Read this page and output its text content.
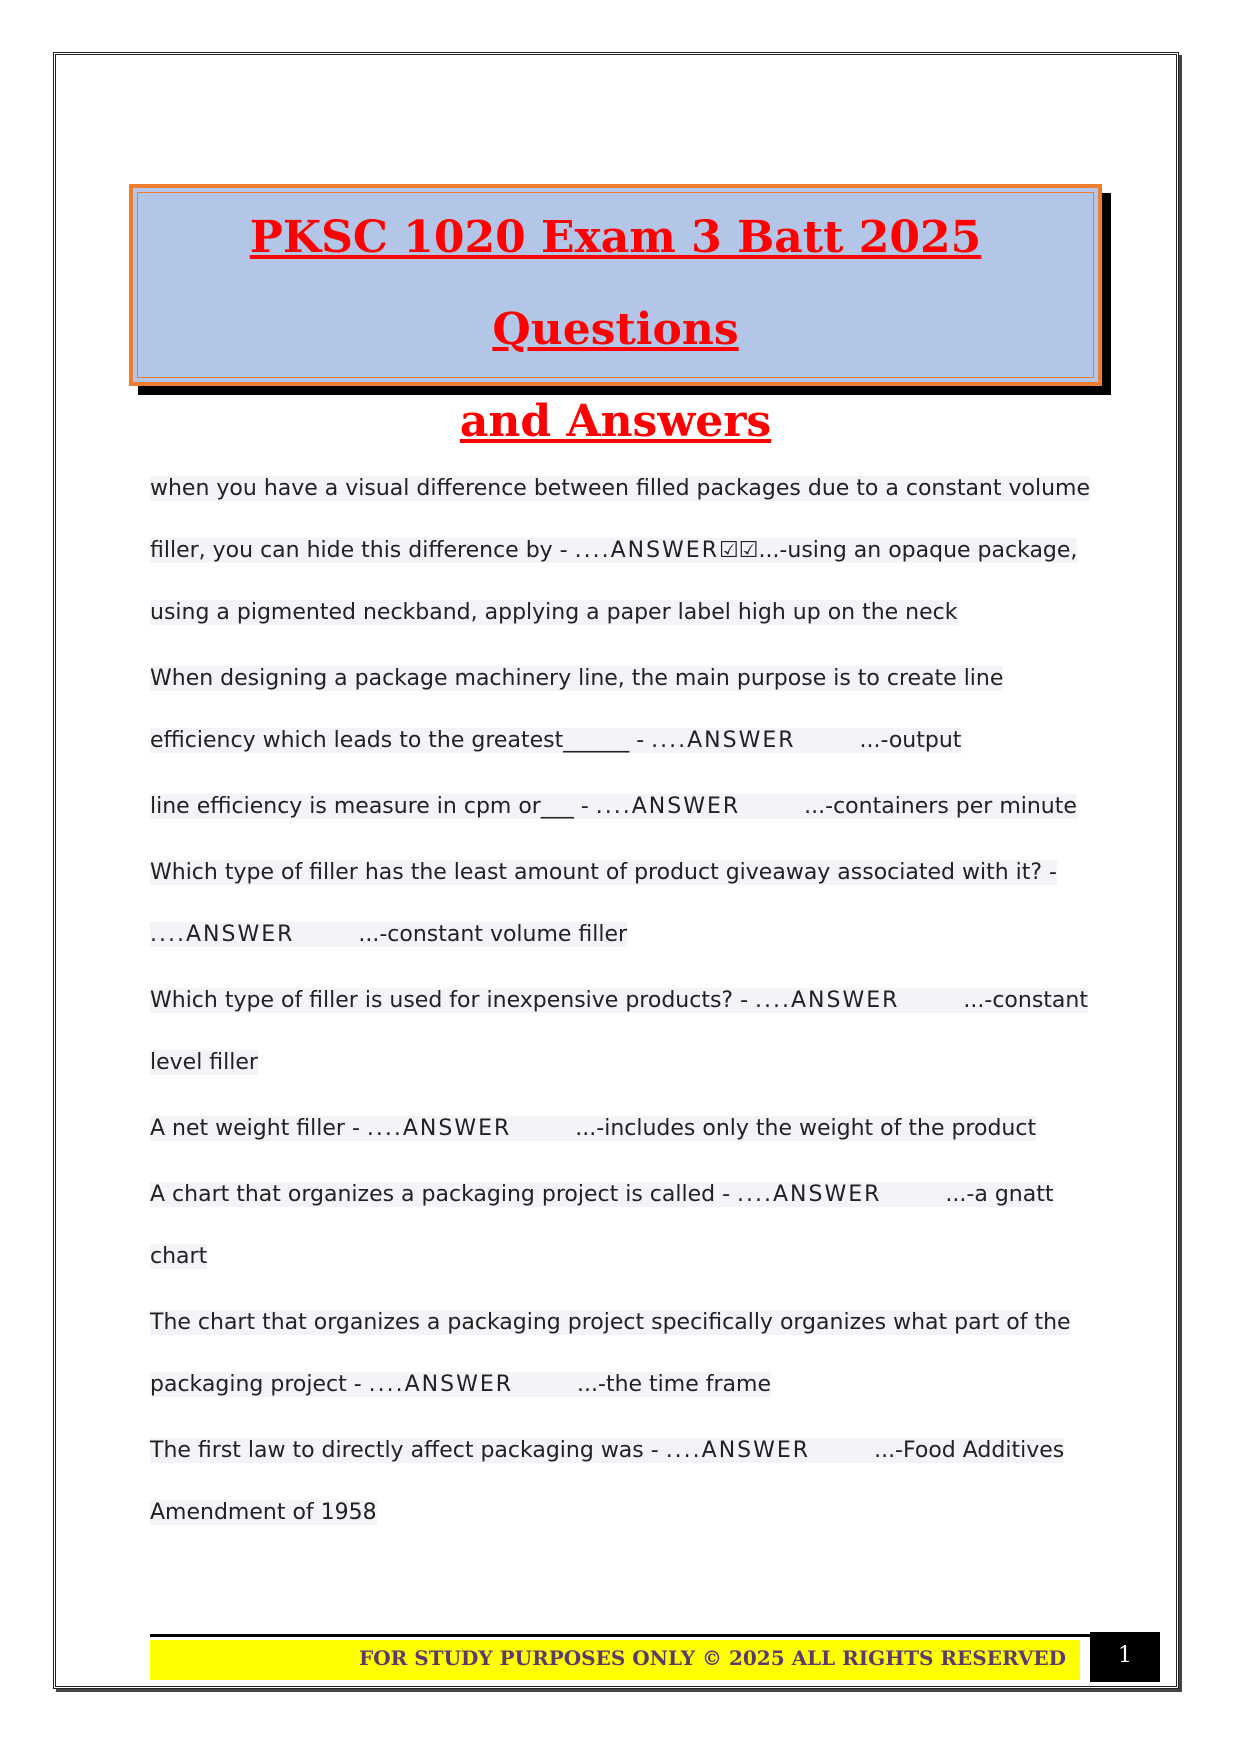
PKSC 1020 Exam 3 Batt 2025 Questions
and Answers

when you have a visual difference between filled packages due to a constant volume filler, you can hide this difference by - ....ANSWER☑☑...-using an opaque package, using a pigmented neckband, applying a paper label high up on the neck

When designing a package machinery line, the main purpose is to create line efficiency which leads to the greatest______ - ....ANSWER	...-output

line efficiency is measure in cpm or___ - ....ANSWER	...-containers per minute

Which type of filler has the least amount of product giveaway associated with it? - ....ANSWER	...-constant volume filler

Which type of filler is used for inexpensive products? - ....ANSWER	...-constant level filler

A net weight filler - ....ANSWER	...-includes only the weight of the product

A chart that organizes a packaging project is called - ....ANSWER	...-a gnatt chart

The chart that organizes a packaging project specifically organizes what part of the packaging project - ....ANSWER	...-the time frame

The first law to directly affect packaging was - ....ANSWER	...-Food Additives Amendment of 1958

FOR STUDY PURPOSES ONLY © 2025 ALL RIGHTS RESERVED	1
